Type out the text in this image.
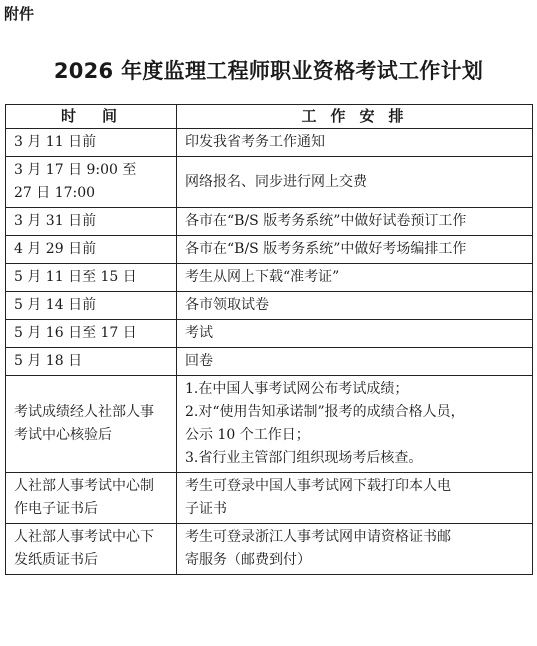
附件
2026 年度监理工程师职业资格考试工作计划
时间	工作安排

3 月 11 日前	印发我省考务工作通知

3 月 17 日 9:00 至
27 日 17:00	网络报名、同步进行网上交费

3 月 31 日前	各市在“B/S 版考务系统”中做好试卷预订工作

4 月 29 日前	各市在“B/S 版考务系统”中做好考场编排工作

5 月 11 日至 15 日	考生从网上下载“准考证”

5 月 14 日前	各市领取试卷

5 月 16 日至 17 日	考试

5 月 18 日	回卷

考试成绩经人社部人事
考试中心核验后	1.在中国人事考试网公布考试成绩；
2.对“使用告知承诺制”报考的成绩合格人员，
公示 10 个工作日；
3.省行业主管部门组织现场考后核查。

人社部人事考试中心制
作电子证书后	考生可登录中国人事考试网下载打印本人电
子证书

人社部人事考试中心下
发纸质证书后	考生可登录浙江人事考试网申请资格证书邮
寄服务（邮费到付）
